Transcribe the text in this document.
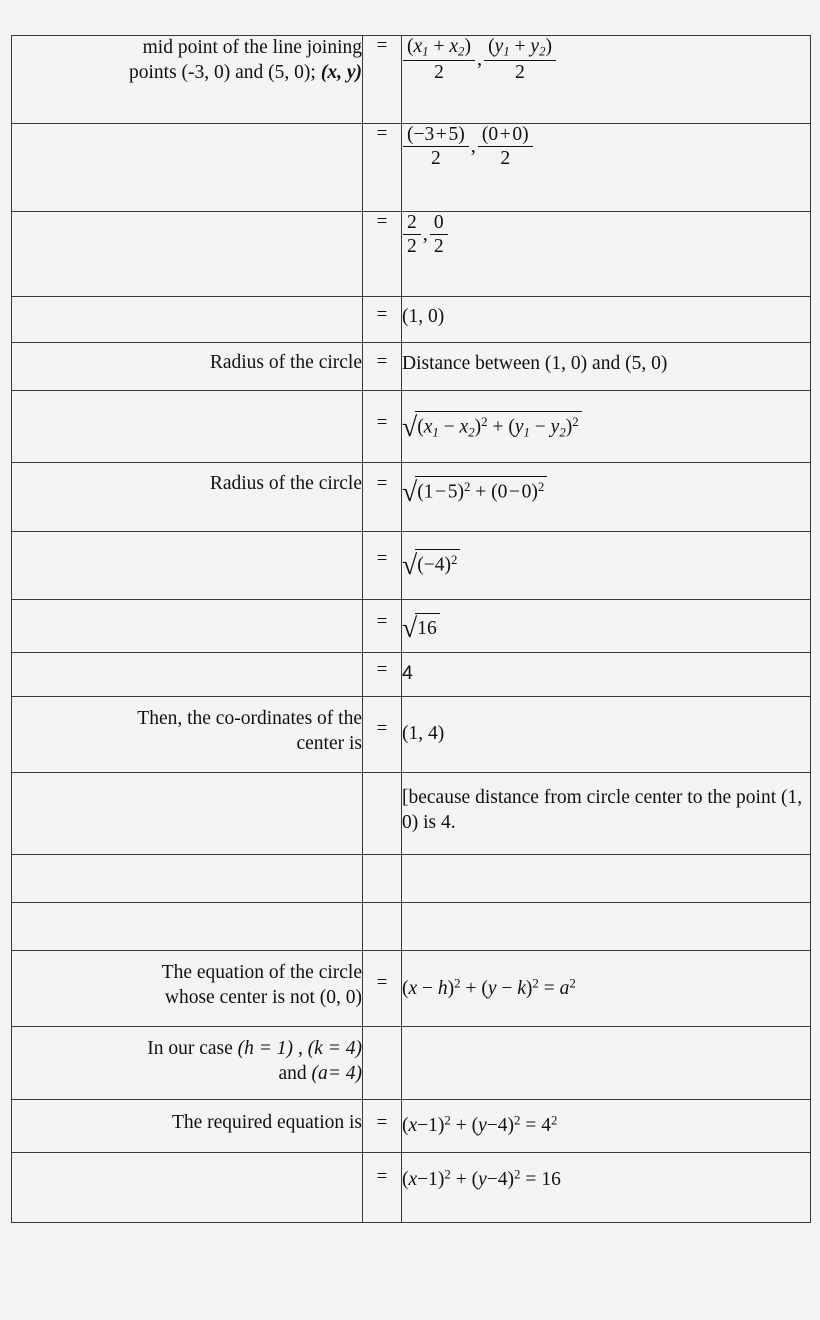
mid point of the line joining
points (-3, 0) and (5, 0); (x, y)	=	$\frac{(x_1 + x_2)}{2}$ , $\frac{(y_1 + y_2)}{2}$

	=	$\frac{(-3 + 5)}{2}$ , $\frac{(0 + 0)}{2}$

	=	$\frac{2}{2}$ , $\frac{0}{2}$

	=	(1, 0)

Radius of the circle	=	Distance between (1, 0) and (5, 0)
	=	$√(x_1 - x_2)^2 + (y_1 - y_2)^2$

Radius of the circle	=	√(1 − 5)$^2$ + (0 − 0)$^2$
	=	$√(-4)^2$
	=	√16
	=	4

Then, the co-ordinates of the
center is	=	(1, 4)
		[because distance from circle center to the point (1, 0) is 4.

The equation of the circle
whose center is not (0, 0)	=	$(x - h)^2 + (y - k)^2 = a^2$

In our case (h = 1) , (k = 4)
and (a= 4)		

The required equation is	=	$(x-1)^2 + (y-4)^2 = 4^2$
	=	$(x-1)^2 + (y-4)^2 = 16$
